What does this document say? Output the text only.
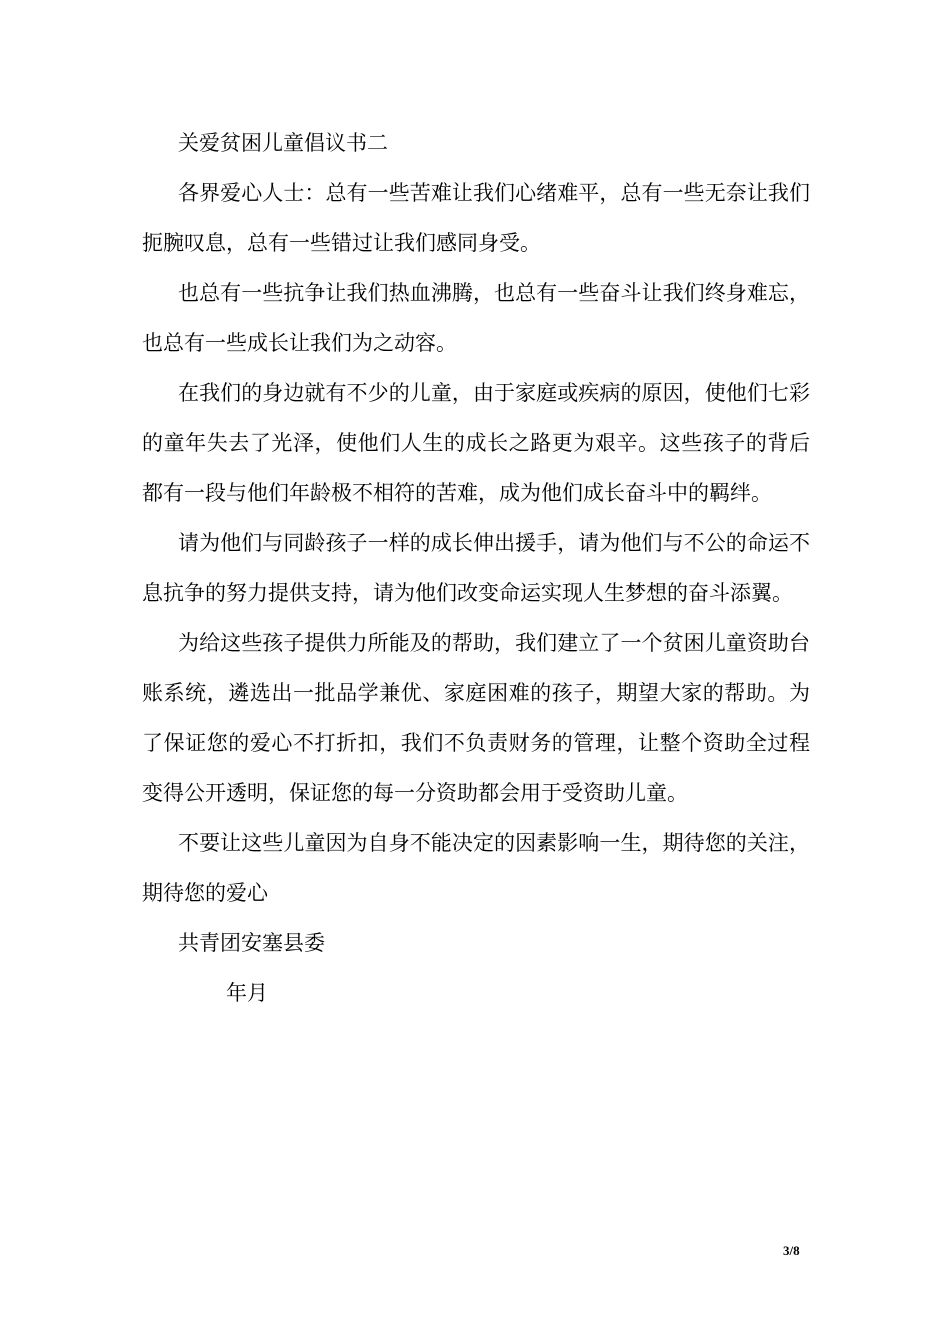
关爱贫困儿童倡议书二

各界爱心人士：总有一些苦难让我们心绪难平，总有一些无奈让我们扼腕叹息，总有一些错过让我们感同身受。

也总有一些抗争让我们热血沸腾，也总有一些奋斗让我们终身难忘，也总有一些成长让我们为之动容。

在我们的身边就有不少的儿童，由于家庭或疾病的原因，使他们七彩的童年失去了光泽，使他们人生的成长之路更为艰辛。这些孩子的背后都有一段与他们年龄极不相符的苦难，成为他们成长奋斗中的羁绊。

请为他们与同龄孩子一样的成长伸出援手，请为他们与不公的命运不息抗争的努力提供支持，请为他们改变命运实现人生梦想的奋斗添翼。

为给这些孩子提供力所能及的帮助，我们建立了一个贫困儿童资助台账系统，遴选出一批品学兼优、家庭困难的孩子，期望大家的帮助。为了保证您的爱心不打折扣，我们不负责财务的管理，让整个资助全过程变得公开透明，保证您的每一分资助都会用于受资助儿童。

不要让这些儿童因为自身不能决定的因素影响一生，期待您的关注，期待您的爱心

共青团安塞县委

年月

3/8
